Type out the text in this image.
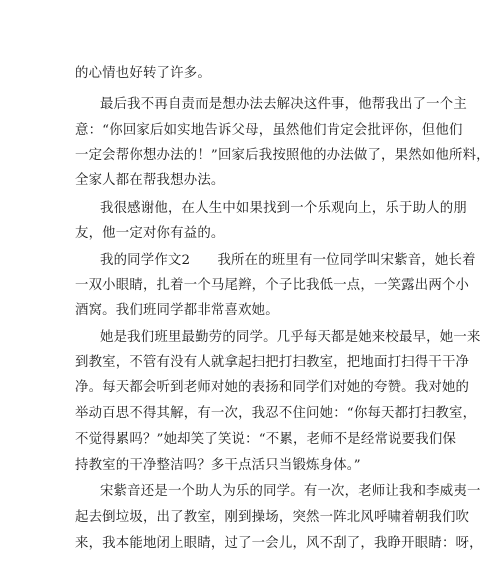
的心情也好转了许多。
最后我不再自责而是想办法去解决这件事，他帮我出了一个主
意：“你回家后如实地告诉父母，虽然他们肯定会批评你，但他们
一定会帮你想办法的！”回家后我按照他的办法做了，果然如他所料，
全家人都在帮我想办法。
我很感谢他，在人生中如果找到一个乐观向上，乐于助人的朋
友，他一定对你有益的。
我的同学作文2　　我所在的班里有一位同学叫宋紫音，她长着
一双小眼睛，扎着一个马尾辫，个子比我低一点，一笑露出两个小
酒窝。我们班同学都非常喜欢她。
她是我们班里最勤劳的同学。几乎每天都是她来校最早，她一来
到教室，不管有没有人就拿起扫把打扫教室，把地面打扫得干干净
净。每天都会听到老师对她的表扬和同学们对她的夸赞。我对她的
举动百思不得其解，有一次，我忍不住问她：“你每天都打扫教室，
不觉得累吗？”她却笑了笑说：“不累，老师不是经常说要我们保
持教室的干净整洁吗？多干点活只当锻炼身体。”
宋紫音还是一个助人为乐的同学。有一次，老师让我和李威夷一
起去倒垃圾，出了教室，刚到操场，突然一阵北风呼啸着朝我们吹
来，我本能地闭上眼睛，过了一会儿，风不刮了，我睁开眼睛：呀，
